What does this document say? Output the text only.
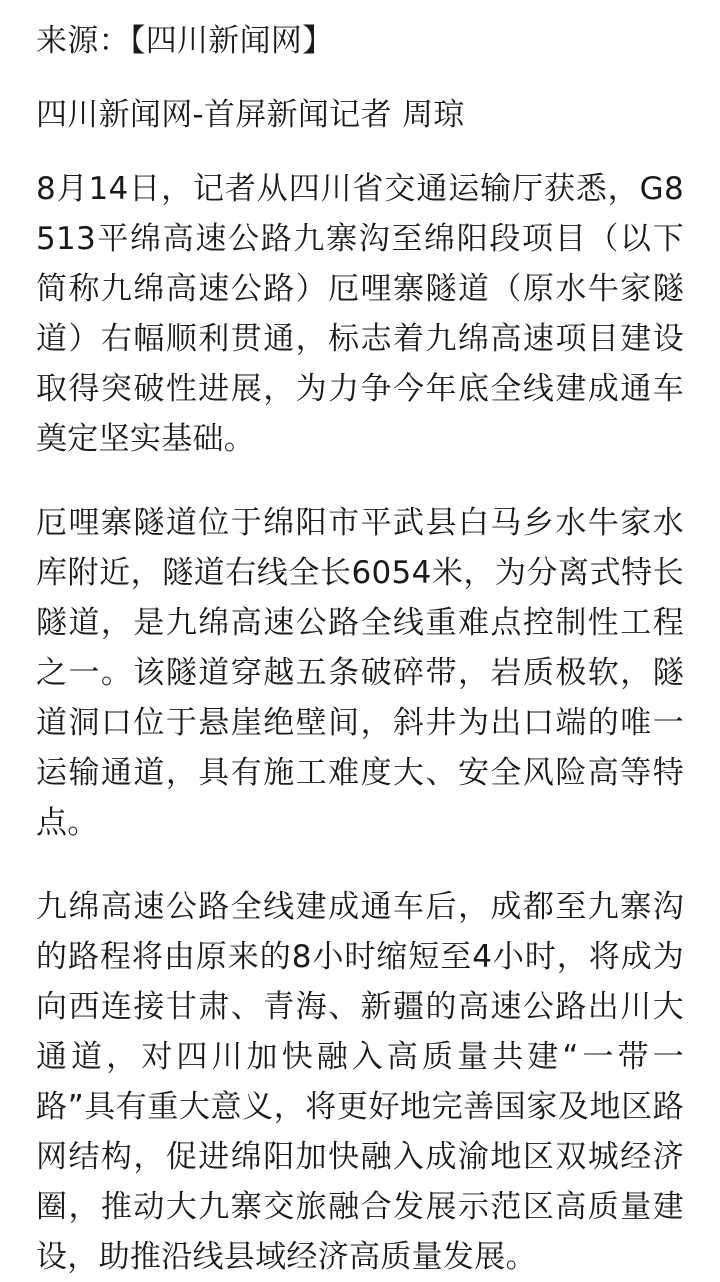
来源：【四川新闻网】

四川新闻网-首屏新闻记者 周琼

8月14日，记者从四川省交通运输厅获悉，G8513平绵高速公路九寨沟至绵阳段项目（以下简称九绵高速公路）厄哩寨隧道（原水牛家隧道）右幅顺利贯通，标志着九绵高速项目建设取得突破性进展，为力争今年底全线建成通车奠定坚实基础。

厄哩寨隧道位于绵阳市平武县白马乡水牛家水库附近，隧道右线全长6054米，为分离式特长隧道，是九绵高速公路全线重难点控制性工程之一。该隧道穿越五条破碎带，岩质极软，隧道洞口位于悬崖绝壁间，斜井为出口端的唯一运输通道，具有施工难度大、安全风险高等特点。

九绵高速公路全线建成通车后，成都至九寨沟的路程将由原来的8小时缩短至4小时，将成为向西连接甘肃、青海、新疆的高速公路出川大通道，对四川加快融入高质量共建“一带一路”具有重大意义，将更好地完善国家及地区路网结构，促进绵阳加快融入成渝地区双城经济圈，推动大九寨交旅融合发展示范区高质量建设，助推沿线县域经济高质量发展。
